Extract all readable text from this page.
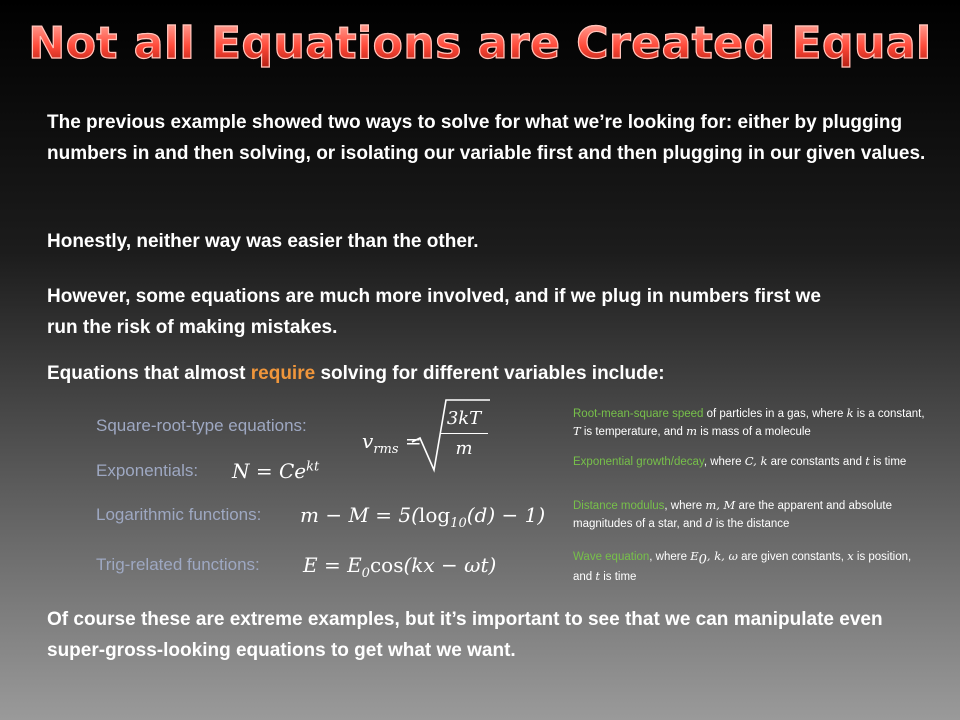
Not all Equations are Created Equal
The previous example showed two ways to solve for what we’re looking for: either by plugging numbers in and then solving, or isolating our variable first and then plugging in our given values.
Honestly, neither way was easier than the other.
However, some equations are much more involved, and if we plug in numbers first we run the risk of making mistakes.
Equations that almost require solving for different variables include:
Square-root-type equations:
$v_{rms}$ =
3kT
m
Root-mean-square speed of particles in a gas, where k is a constant, T is temperature, and m is mass of a molecule
Exponentials: $N = Ce^{kt}$	Exponential growth/decay, where C, k are constants and t is time
Logarithmic functions: $m - M = 5(\log_{10}(d) - 1)$ Distance modulus, where m, M are the apparent and absolute magnitudes of a star, and d is the distance
Trig-related functions: $E = E_0\cos(kx - \omega t)$	Wave equation, where $E_0$, k, ω are given constants, x is position, and t is time
Of course these are extreme examples, but it’s important to see that we can manipulate even super-gross-looking equations to get what we want.
